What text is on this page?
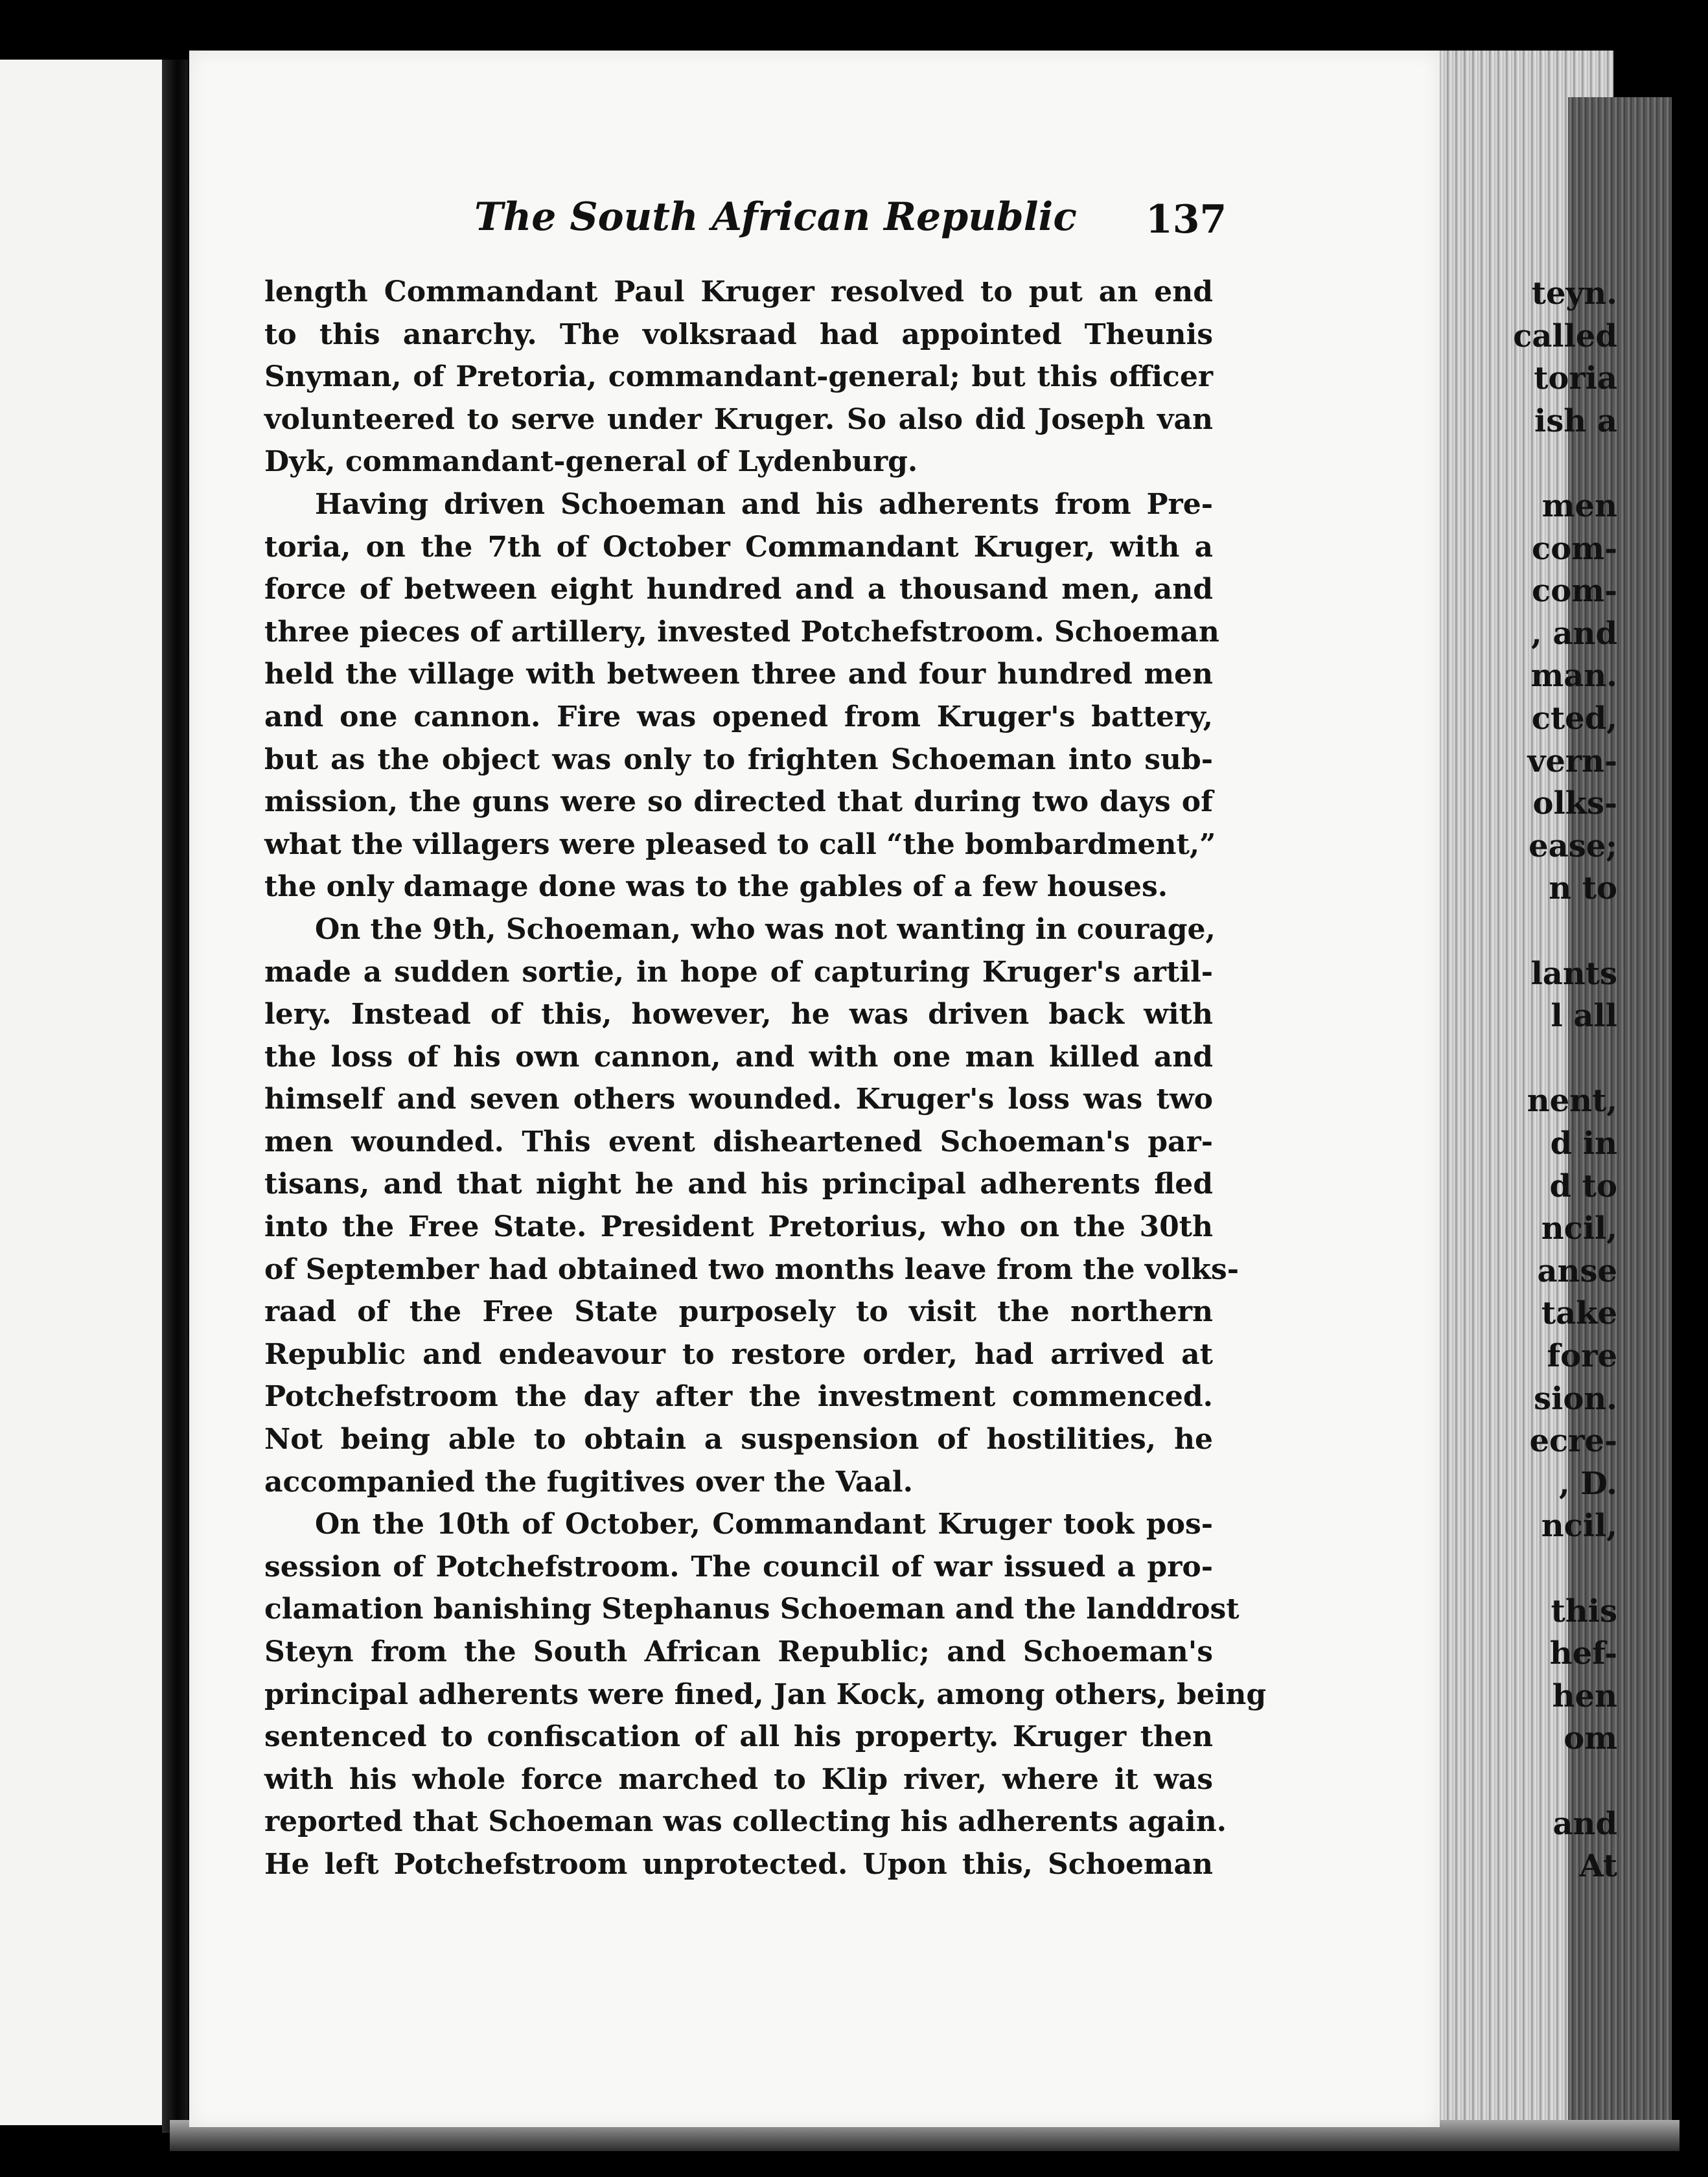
The South African Republic 137
teyn.
called
toria
ish a
men
com-
com-
, and
man.
cted,
vern-
olks-
ease;
n to
lants
l all
nent,
d in
d to
ncil,
anse
take
fore
sion.
ecre-
, D.
ncil,
this
hef-
hen
om
and
At
length Commandant Paul Kruger resolved to put an end
to this anarchy. The volksraad had appointed Theunis
Snyman, of Pretoria, commandant-general; but this officer
volunteered to serve under Kruger. So also did Joseph van
Dyk, commandant-general of Lydenburg.
Having driven Schoeman and his adherents from Pre-
toria, on the 7th of October Commandant Kruger, with a
force of between eight hundred and a thousand men, and
three pieces of artillery, invested Potchefstroom. Schoeman
held the village with between three and four hundred men
and one cannon. Fire was opened from Kruger's battery,
but as the object was only to frighten Schoeman into sub-
mission, the guns were so directed that during two days of
what the villagers were pleased to call “the bombardment,”
the only damage done was to the gables of a few houses.
On the 9th, Schoeman, who was not wanting in courage,
made a sudden sortie, in hope of capturing Kruger's artil-
lery. Instead of this, however, he was driven back with
the loss of his own cannon, and with one man killed and
himself and seven others wounded. Kruger's loss was two
men wounded. This event disheartened Schoeman's par-
tisans, and that night he and his principal adherents fled
into the Free State. President Pretorius, who on the 30th
of September had obtained two months leave from the volks-
raad of the Free State purposely to visit the northern
Republic and endeavour to restore order, had arrived at
Potchefstroom the day after the investment commenced.
Not being able to obtain a suspension of hostilities, he
accompanied the fugitives over the Vaal.
On the 10th of October, Commandant Kruger took pos-
session of Potchefstroom. The council of war issued a pro-
clamation banishing Stephanus Schoeman and the landdrost
Steyn from the South African Republic; and Schoeman's
principal adherents were fined, Jan Kock, among others, being
sentenced to confiscation of all his property. Kruger then
with his whole force marched to Klip river, where it was
reported that Schoeman was collecting his adherents again.
He left Potchefstroom unprotected. Upon this, Schoeman
